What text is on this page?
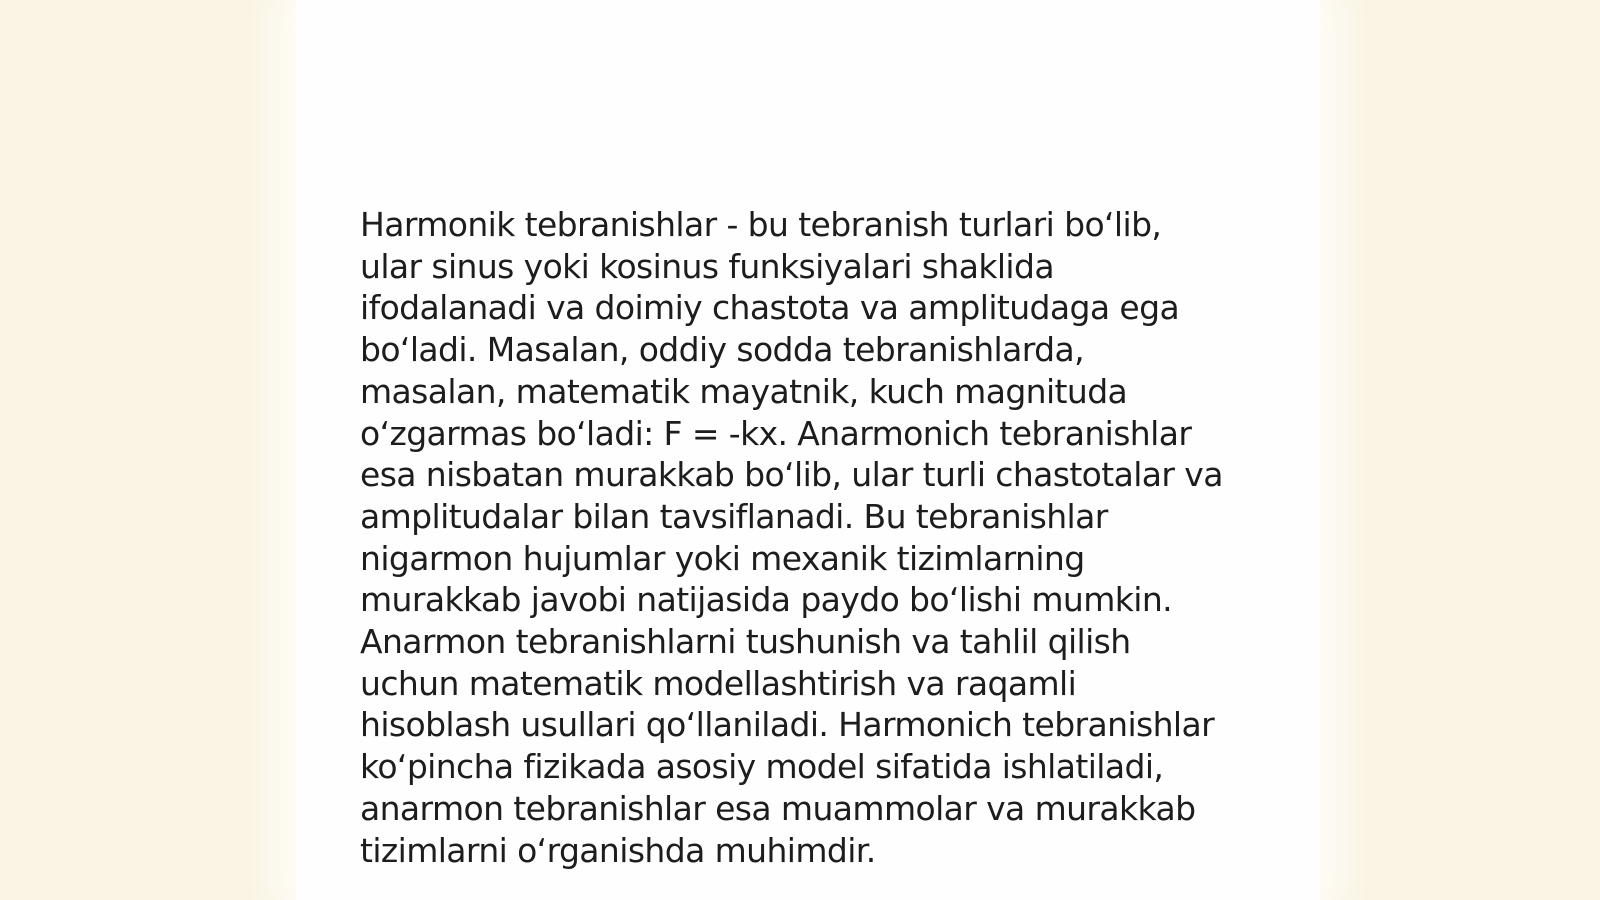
Harmonik tebranishlar - bu tebranish turlari bo‘lib,
ular sinus yoki kosinus funksiyalari shaklida
ifodalanadi va doimiy chastota va amplitudaga ega
bo‘ladi. Masalan, oddiy sodda tebranishlarda,
masalan, matematik mayatnik, kuch magnituda
o‘zgarmas bo‘ladi: F = -kx. Anarmonich tebranishlar
esa nisbatan murakkab bo‘lib, ular turli chastotalar va
amplitudalar bilan tavsiflanadi. Bu tebranishlar
nigarmon hujumlar yoki mexanik tizimlarning
murakkab javobi natijasida paydo bo‘lishi mumkin.
Anarmon tebranishlarni tushunish va tahlil qilish
uchun matematik modellashtirish va raqamli
hisoblash usullari qo‘llaniladi. Harmonich tebranishlar
ko‘pincha fizikada asosiy model sifatida ishlatiladi,
anarmon tebranishlar esa muammolar va murakkab
tizimlarni o‘rganishda muhimdir.
